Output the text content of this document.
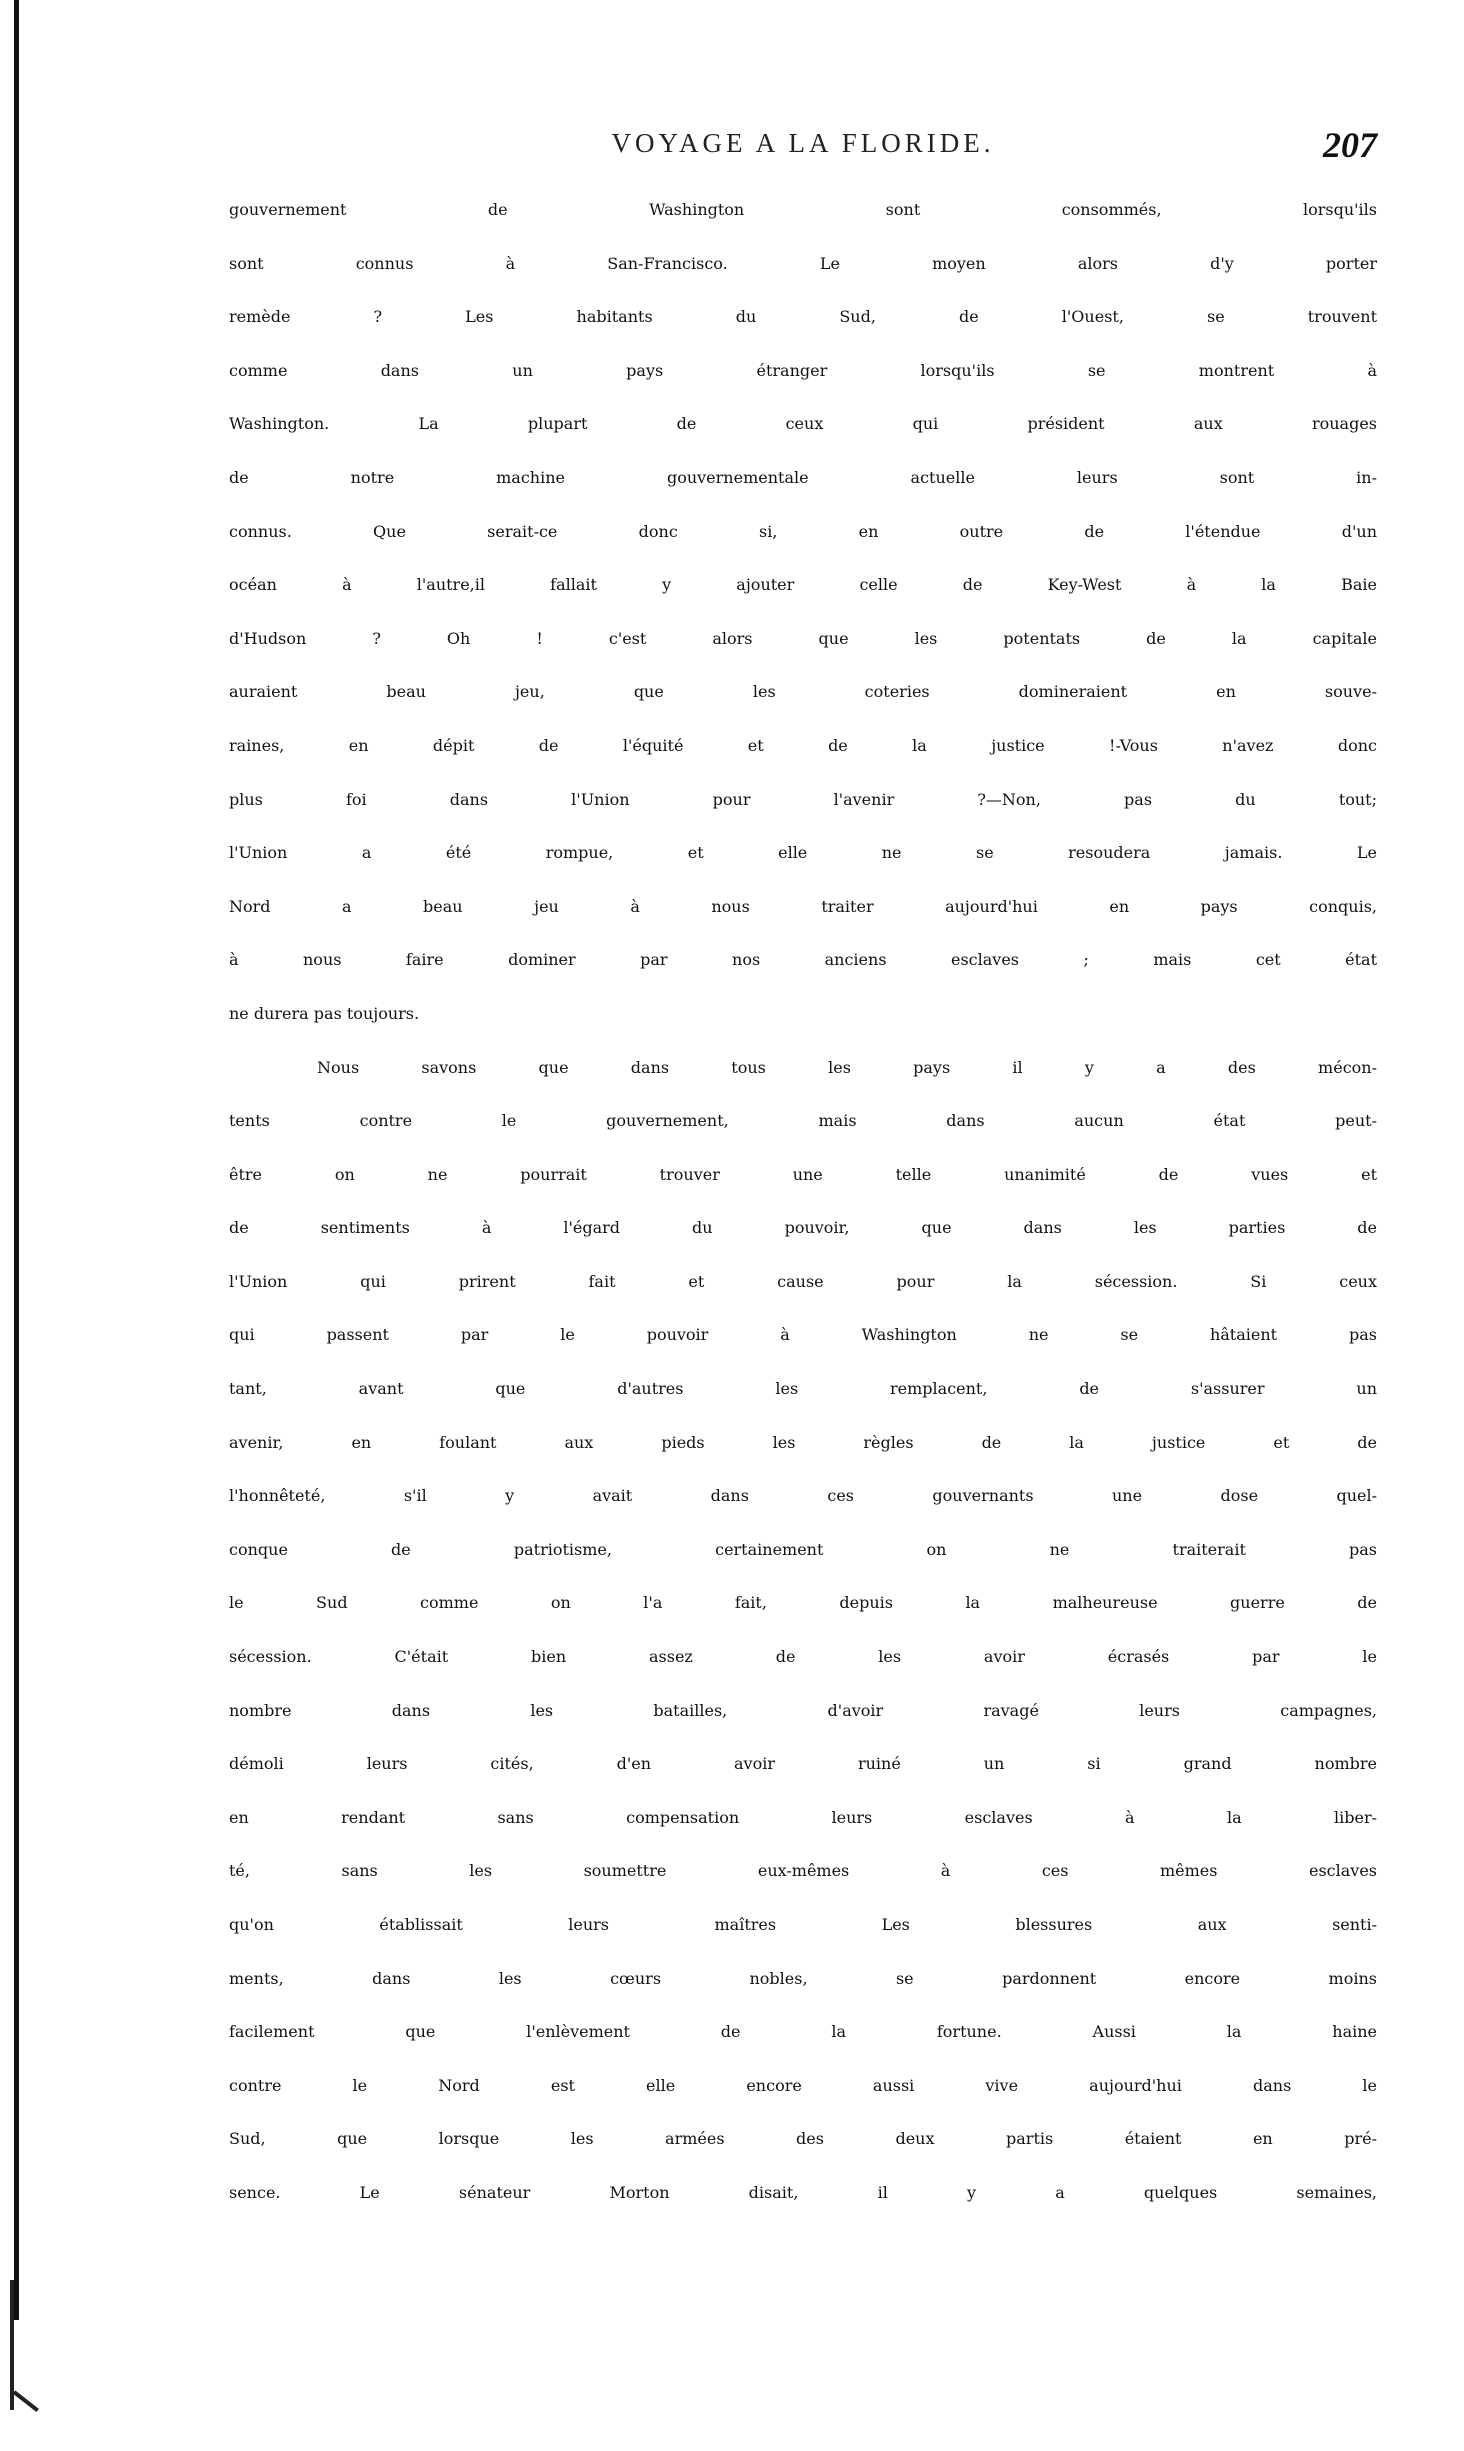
VOYAGE A LA FLORIDE.	207
gouvernement de Washington sont consommés, lorsqu'ils
sont connus à San-Francisco. Le moyen alors d'y porter
remède ? Les habitants du Sud, de l'Ouest, se trouvent
comme dans un pays étranger lorsqu'ils se montrent à
Washington. La plupart de ceux qui président aux rouages
de notre machine gouvernementale actuelle leurs sont in-
connus. Que serait-ce donc si, en outre de l'étendue d'un
océan à l'autre,il fallait y ajouter celle de Key-West à la Baie
d'Hudson ? Oh ! c'est alors que les potentats de la capitale
auraient beau jeu, que les coteries domineraient en souve-
raines, en dépit de l'équité et de la justice !-Vous n'avez donc
plus foi dans l'Union pour l'avenir ?—Non, pas du tout;
l'Union a été rompue, et elle ne se resoudera jamais. Le
Nord a beau jeu à nous traiter aujourd'hui en pays conquis,
à nous faire dominer par nos anciens esclaves ; mais cet état
ne durera pas toujours.
Nous savons que dans tous les pays il y a des mécon-
tents contre le gouvernement, mais dans aucun état peut-
être on ne pourrait trouver une telle unanimité de vues et
de sentiments à l'égard du pouvoir, que dans les parties de
l'Union qui prirent fait et cause pour la sécession. Si ceux
qui passent par le pouvoir à Washington ne se hâtaient pas
tant, avant que d'autres les remplacent, de s'assurer un
avenir, en foulant aux pieds les règles de la justice et de
l'honnêteté, s'il y avait dans ces gouvernants une dose quel-
conque de patriotisme, certainement on ne traiterait pas
le Sud comme on l'a fait, depuis la malheureuse guerre de
sécession. C'était bien assez de les avoir écrasés par le
nombre dans les batailles, d'avoir ravagé leurs campagnes,
démoli leurs cités, d'en avoir ruiné un si grand nombre
en rendant sans compensation leurs esclaves à la liber-
té, sans les soumettre eux-mêmes à ces mêmes esclaves
qu'on établissait leurs maîtres Les blessures aux senti-
ments, dans les cœurs nobles, se pardonnent encore moins
facilement que l'enlèvement de la fortune. Aussi la haine
contre le Nord est elle encore aussi vive aujourd'hui dans le
Sud, que lorsque les armées des deux partis étaient en pré-
sence. Le sénateur Morton disait, il y a quelques semaines,
